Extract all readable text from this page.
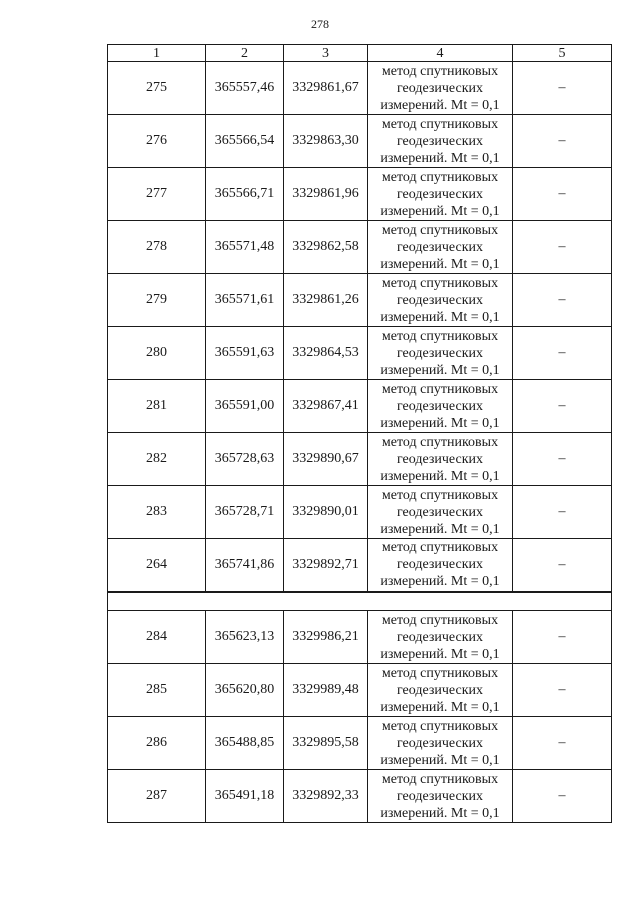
278
1	2	3	4	5
275	365557,46	3329861,67	метод спутниковых
геодезических
измерений. Mt = 0,1	–
276	365566,54	3329863,30	метод спутниковых
геодезических
измерений. Mt = 0,1	–
277	365566,71	3329861,96	метод спутниковых
геодезических
измерений. Mt = 0,1	–
278	365571,48	3329862,58	метод спутниковых
геодезических
измерений. Mt = 0,1	–
279	365571,61	3329861,26	метод спутниковых
геодезических
измерений. Mt = 0,1	–
280	365591,63	3329864,53	метод спутниковых
геодезических
измерений. Mt = 0,1	–
281	365591,00	3329867,41	метод спутниковых
геодезических
измерений. Mt = 0,1	–
282	365728,63	3329890,67	метод спутниковых
геодезических
измерений. Mt = 0,1	–
283	365728,71	3329890,01	метод спутниковых
геодезических
измерений. Mt = 0,1	–
264	365741,86	3329892,71	метод спутниковых
геодезических
измерений. Mt = 0,1	–

284	365623,13	3329986,21	метод спутниковых
геодезических
измерений. Mt = 0,1	–
285	365620,80	3329989,48	метод спутниковых
геодезических
измерений. Mt = 0,1	–
286	365488,85	3329895,58	метод спутниковых
геодезических
измерений. Mt = 0,1	–
287	365491,18	3329892,33	метод спутниковых
геодезических
измерений. Mt = 0,1	–
